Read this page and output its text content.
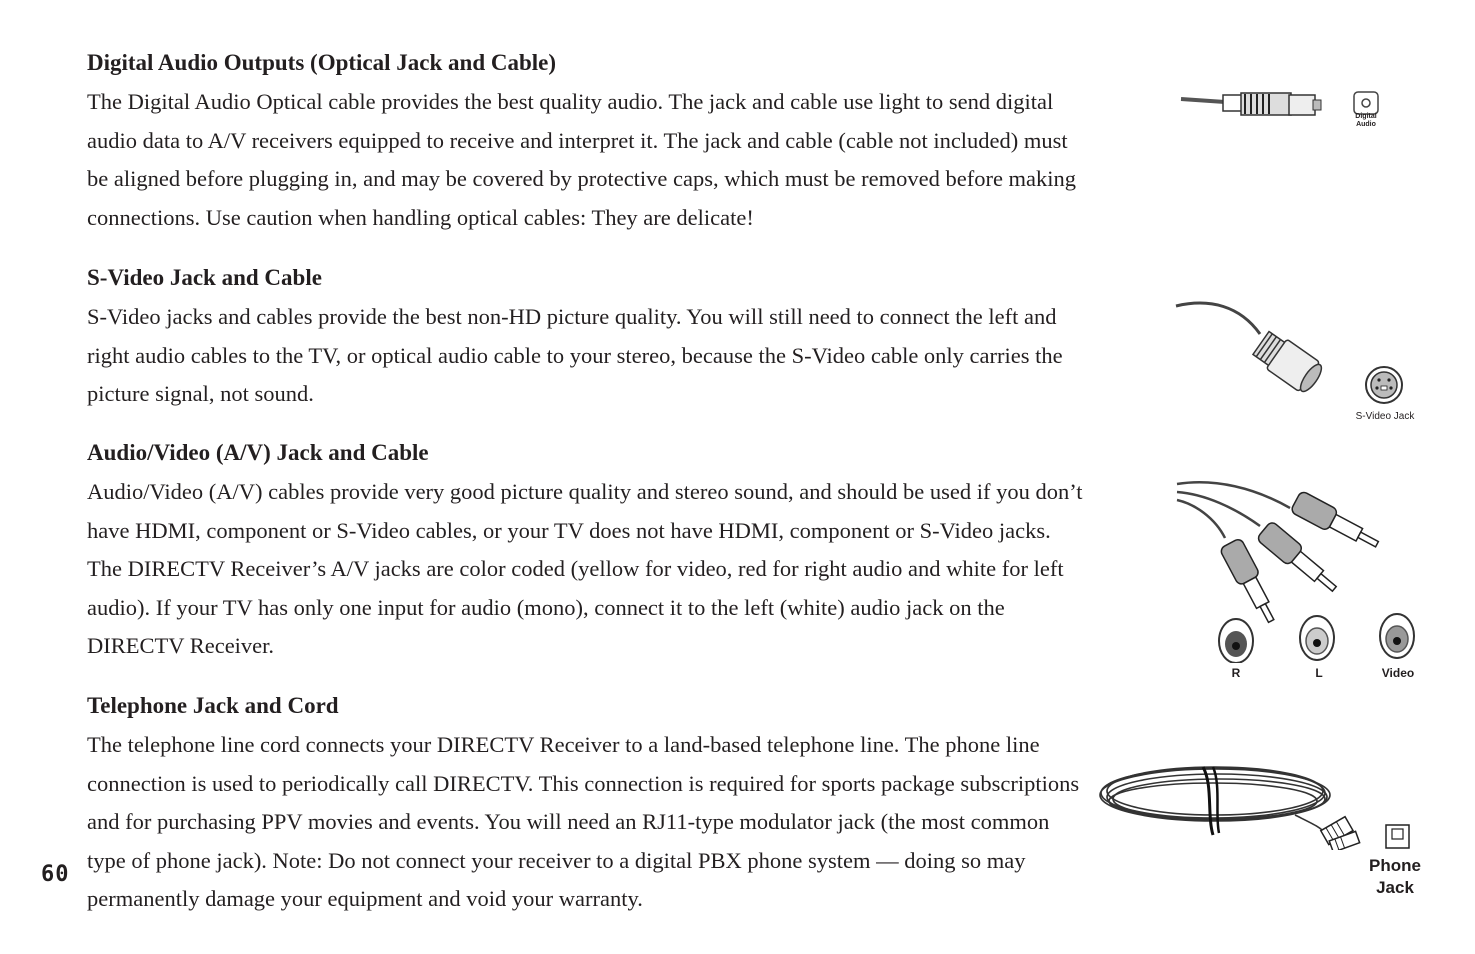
Digital Audio Outputs (Optical Jack and Cable)

The Digital Audio Optical cable provides the best quality audio. The jack and cable use light to send digital audio data to A/V receivers equipped to receive and interpret it. The jack and cable (cable not included) must be aligned before plugging in, and may be covered by protective caps, which must be removed before making connections. Use caution when handling optical cables: They are delicate!

S-Video Jack and Cable

S-Video jacks and cables provide the best non-HD picture quality. You will still need to connect the left and right audio cables to the TV, or optical audio cable to your stereo, because the S-Video cable only carries the picture signal, not sound.

Audio/Video (A/V) Jack and Cable

Audio/Video (A/V) cables provide very good picture quality and stereo sound, and should be used if you don’t have HDMI, component or S-Video cables, or your TV does not have HDMI, component or S-Video jacks. The DIRECTV Receiver’s A/V jacks are color coded (yellow for video, red for right audio and white for left audio). If your TV has only one input for audio (mono), connect it to the left (white) audio jack on the DIRECTV Receiver.

Telephone Jack and Cord

The telephone line cord connects your DIRECTV Receiver to a land-based telephone line. The phone line connection is used to periodically call DIRECTV. This connection is required for sports package subscriptions and for purchasing PPV movies and events. You will need an RJ11-type modulator jack (the most common type of phone jack). Note: Do not connect your receiver to a digital PBX phone system — doing so may permanently damage your equipment and void your warranty.

60
Digital
Audio
S-Video Jack
R	L	Video
Phone
Jack
